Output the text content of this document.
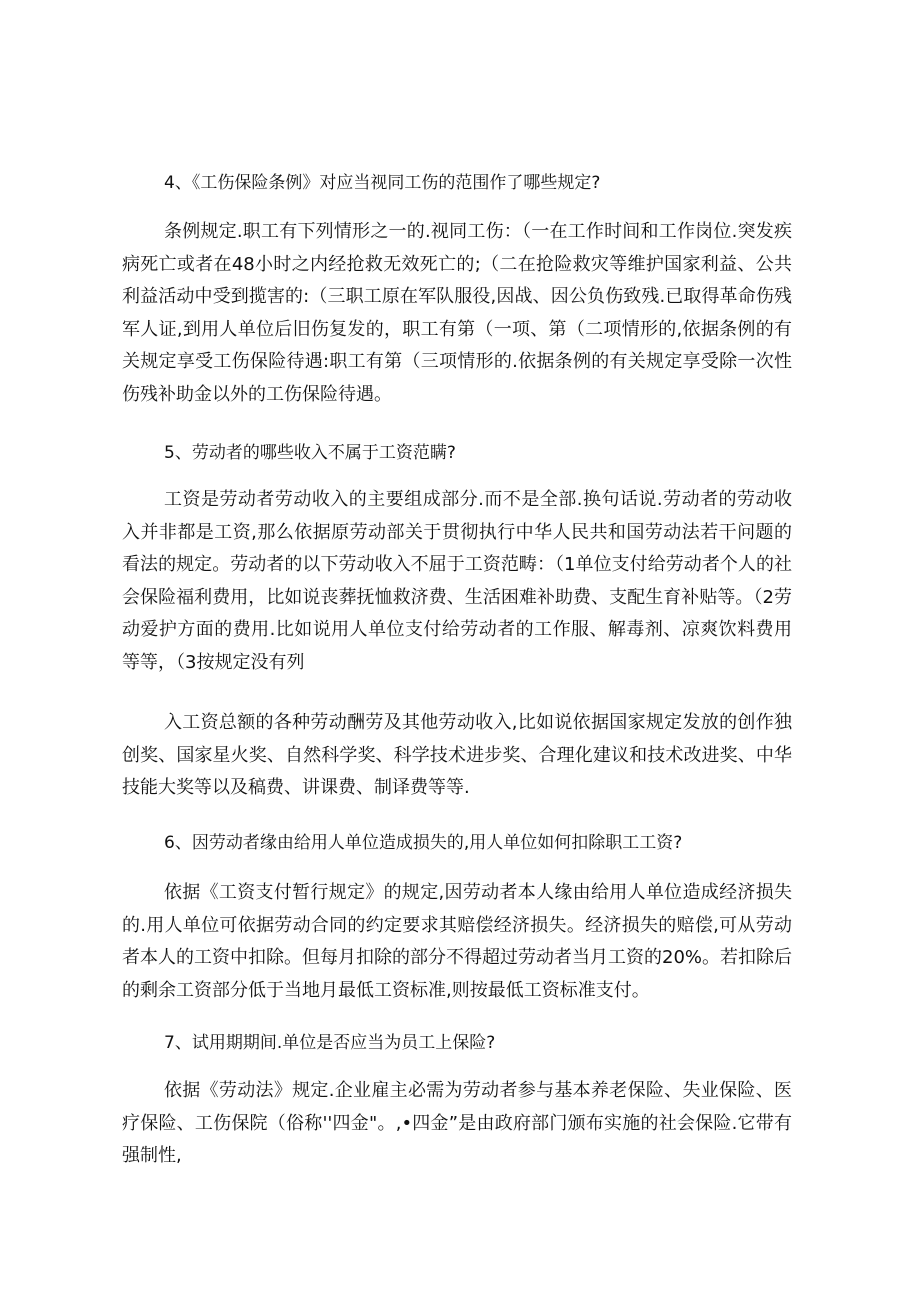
4、《工伤保险条例》对应当视同工伤的范围作了哪些规定?

条例规定.职工有下列情形之一的.视同工伤：（一在工作时间和工作岗位.突发疾病死亡或者在48小时之内经抢救无效死亡的;（二在抢险救灾等维护国家利益、公共利益活动中受到揽害的:（三职工原在军队服役,因战、因公负伤致残.已取得革命伤残军人证,到用人单位后旧伤复发的，职工有第（一项、第（二项情形的,依据条例的有关规定享受工伤保险待遇:职工有第（三项情形的.依据条例的有关规定享受除一次性伤残补助金以外的工伤保险待遇。

5、劳动者的哪些收入不属于工资范瞒?

工资是劳动者劳动收入的主要组成部分.而不是全部.换句话说.劳动者的劳动收入并非都是工资,那么依据原劳动部关于贯彻执行中华人民共和国劳动法若干问题的看法的规定。劳动者的以下劳动收入不屈于工资范畴：（1单位支付给劳动者个人的社会保险福利费用，比如说丧葬抚恤救济费、生活困难补助费、支配生育补贴等。（2劳动爱护方面的费用.比如说用人单位支付给劳动者的工作服、解毒剂、凉爽饮料费用等等，（3按规定没有列

入工资总额的各种劳动酬劳及其他劳动收入,比如说依据国家规定发放的创作独创奖、国家星火奖、自然科学奖、科学技术进步奖、合理化建议和技术改进奖、中华技能大奖等以及稿费、讲课费、制译费等等.

6、因劳动者缘由给用人单位造成损失的,用人单位如何扣除职工工资?

依据《工资支付暂行规定》的规定,因劳动者本人缘由给用人单位造成经济损失的.用人单位可依据劳动合同的约定要求其赔偿经济损失。经济损失的赔偿,可从劳动者本人的工资中扣除。但每月扣除的部分不得超过劳动者当月工资的20%。若扣除后的剩余工资部分低于当地月最低工资标准,则按最低工资标准支付。

7、试用期期间.单位是否应当为员工上保险?

依据《劳动法》规定.企业雇主必需为劳动者参与基本养老保险、失业保险、医疗保险、工伤保院（俗称''四金"。,•四金”是由政府部门颁布实施的社会保险.它带有强制性,
